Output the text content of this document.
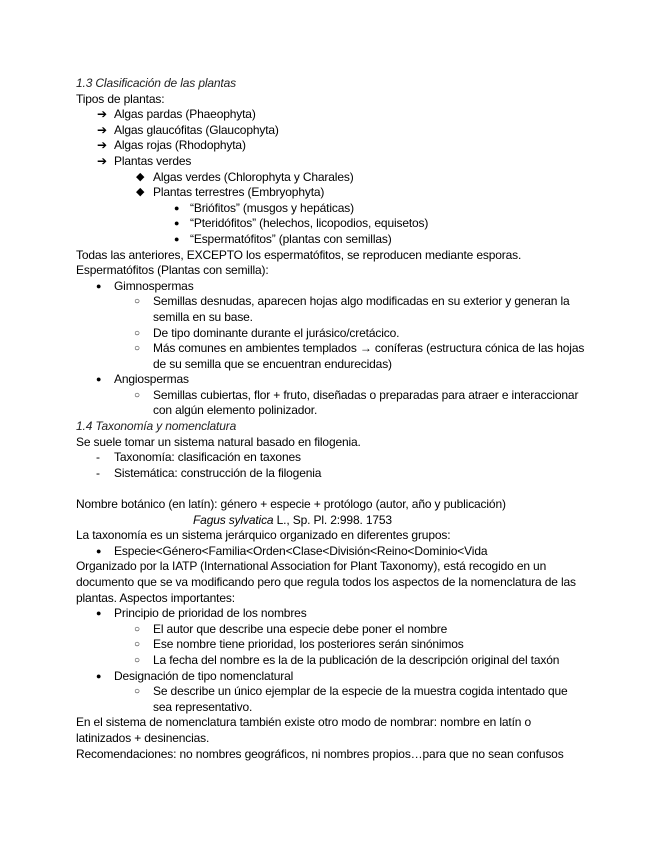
1.3 Clasificación de las plantas
Tipos de plantas:
➔ Algas pardas (Phaeophyta)
➔ Algas glaucófitas (Glaucophyta)
➔ Algas rojas (Rhodophyta)
➔ Plantas verdes
◆ Algas verdes (Chlorophyta y Charales)
◆ Plantas terrestres (Embryophyta)
● “Briófitos” (musgos y hepáticas)
● “Pteridófitos” (helechos, licopodios, equisetos)
● “Espermatófitos” (plantas con semillas)
Todas las anteriores, EXCEPTO los espermatófitos, se reproducen mediante esporas.
Espermatófitos (Plantas con semilla):
● Gimnospermas
○ Semillas desnudas, aparecen hojas algo modificadas en su exterior y generan la semilla en su base.
○ De tipo dominante durante el jurásico/cretácico.
○ Más comunes en ambientes templados → coníferas (estructura cónica de las hojas de su semilla que se encuentran endurecidas)
● Angiospermas
○ Semillas cubiertas, flor + fruto, diseñadas o preparadas para atraer e interaccionar con algún elemento polinizador.
1.4 Taxonomía y nomenclatura
Se suele tomar un sistema natural basado en filogenia.
- Taxonomía: clasificación en taxones
- Sistemática: construcción de la filogenia
Nombre botánico (en latín): género + especie + protólogo (autor, año y publicación)
Fagus sylvatica L., Sp. Pl. 2:998. 1753
La taxonomía es un sistema jerárquico organizado en diferentes grupos:
● Especie<Género<Familia<Orden<Clase<División<Reino<Dominio<Vida
Organizado por la IATP (International Association for Plant Taxonomy), está recogido en un documento que se va modificando pero que regula todos los aspectos de la nomenclatura de las plantas. Aspectos importantes:
● Principio de prioridad de los nombres
○ El autor que describe una especie debe poner el nombre
○ Ese nombre tiene prioridad, los posteriores serán sinónimos
○ La fecha del nombre es la de la publicación de la descripción original del taxón
● Designación de tipo nomenclatural
○ Se describe un único ejemplar de la especie de la muestra cogida intentado que sea representativo.
En el sistema de nomenclatura también existe otro modo de nombrar: nombre en latín o latinizados + desinencias.
Recomendaciones: no nombres geográficos, ni nombres propios…para que no sean confusos
